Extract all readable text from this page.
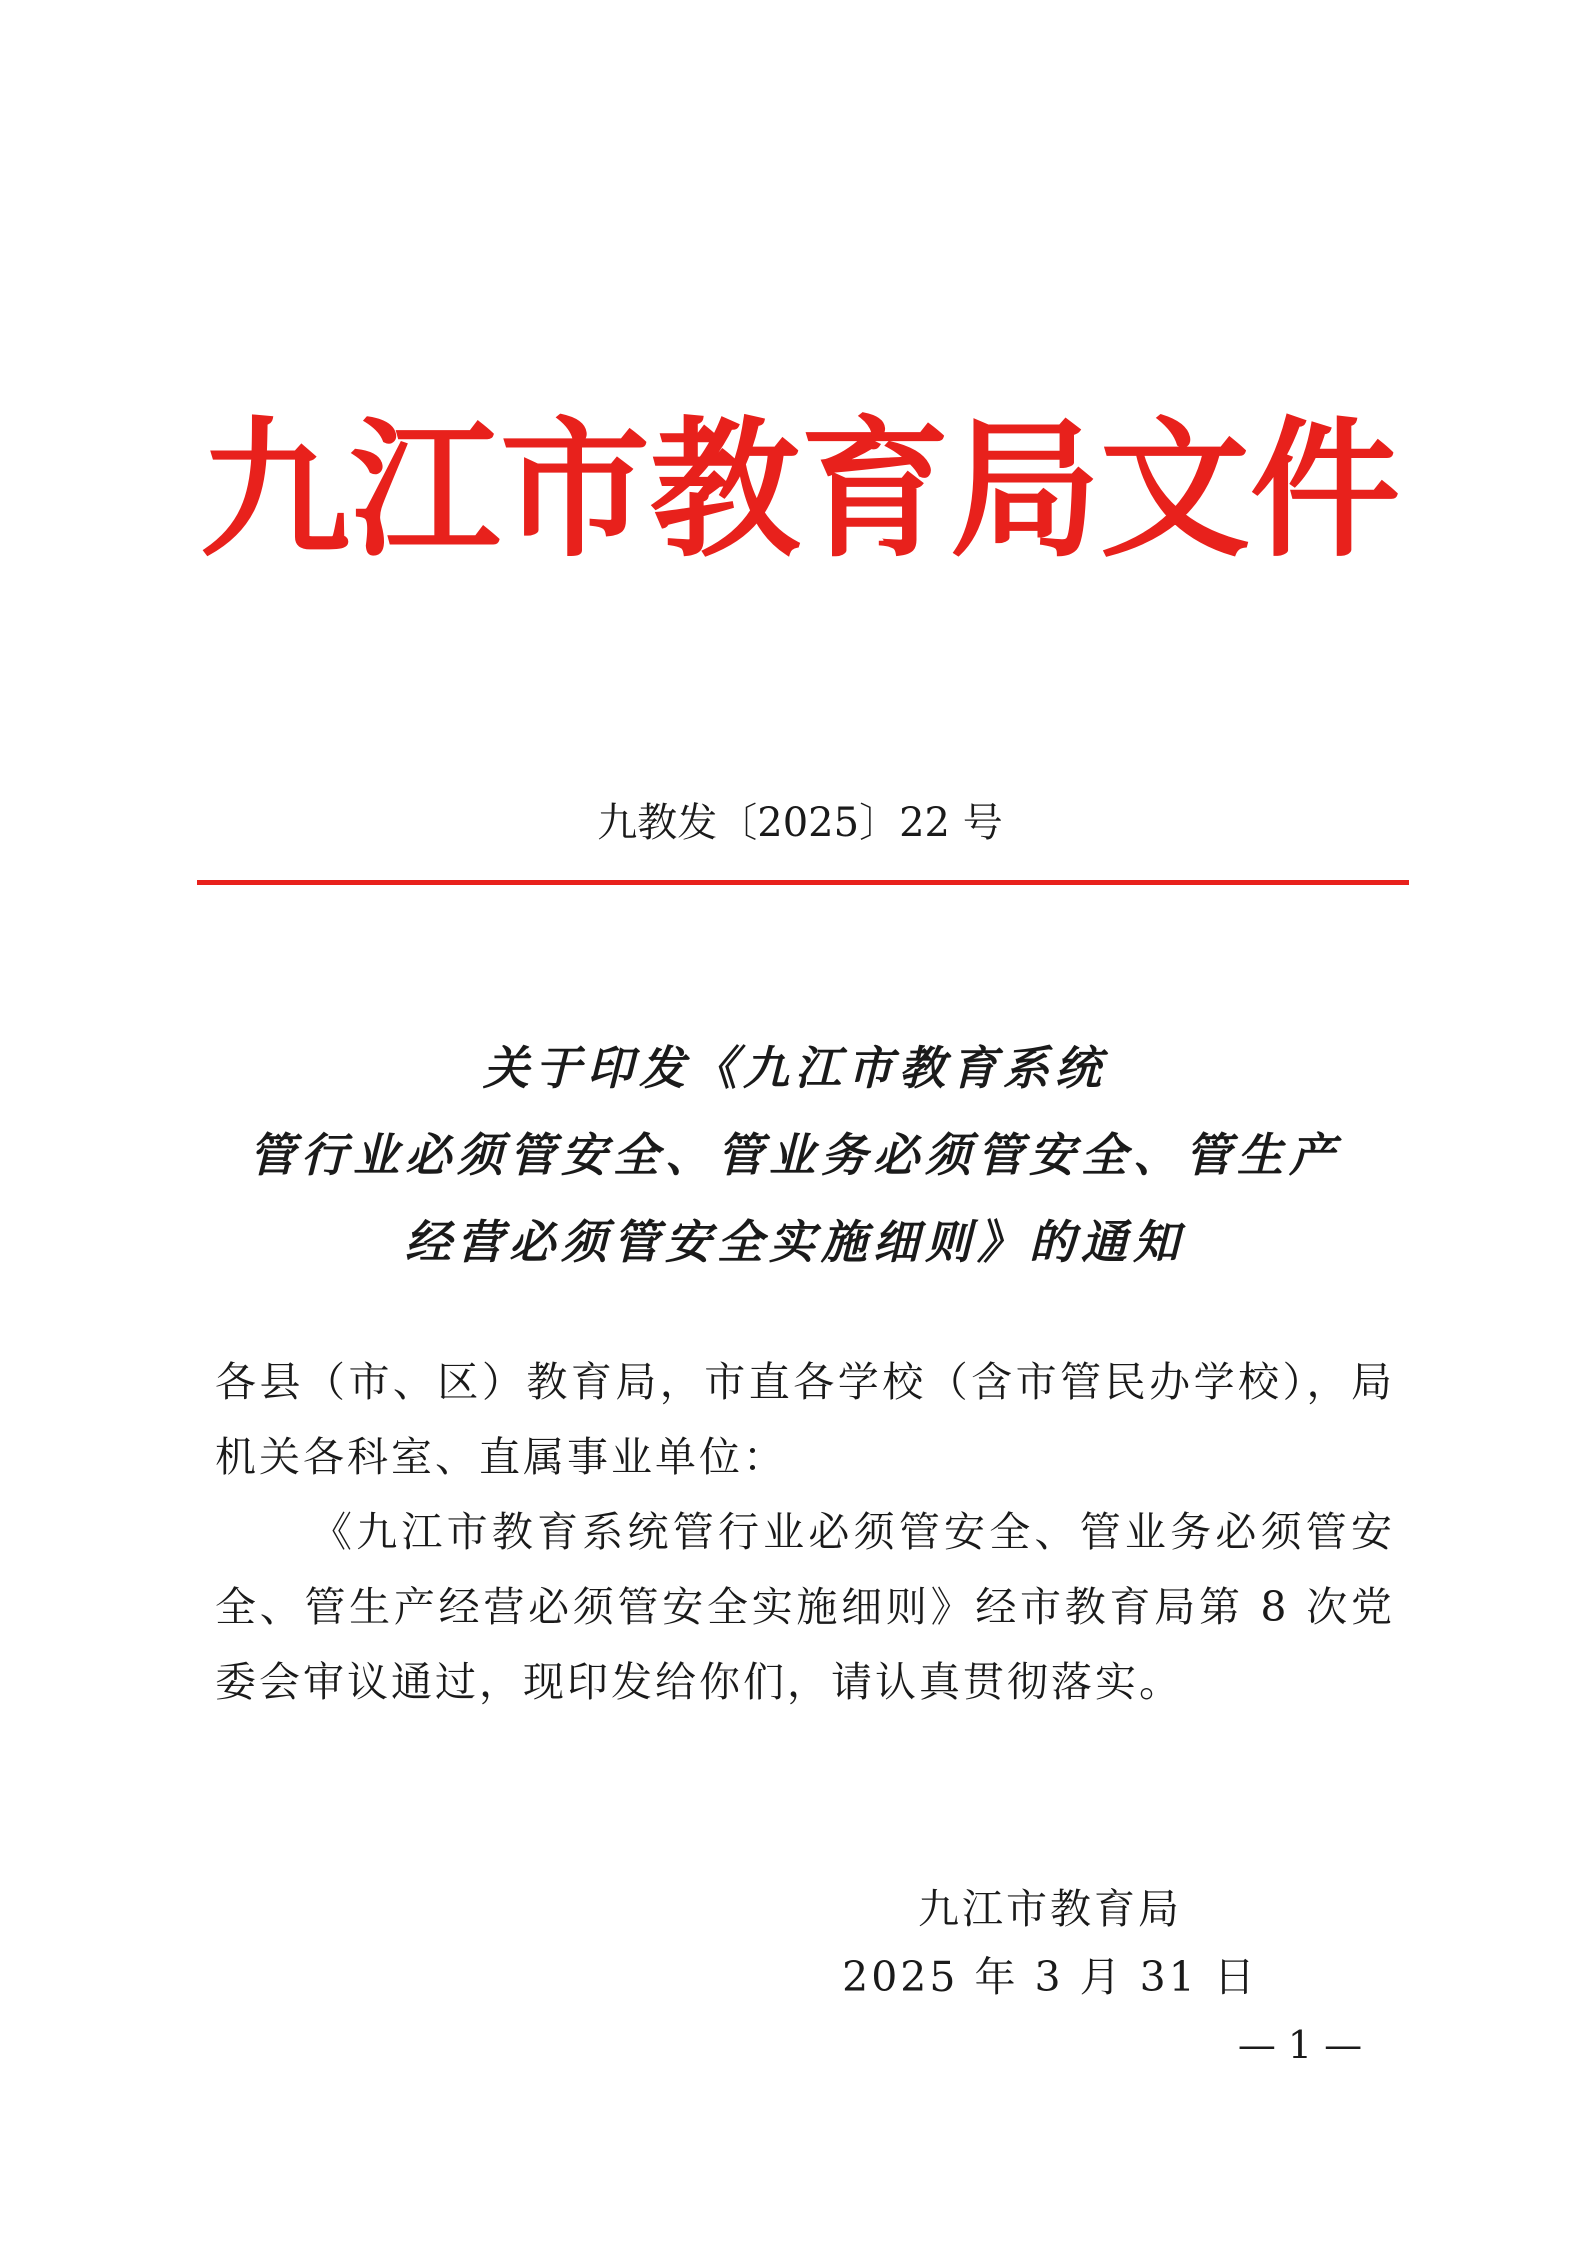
九江市教育局文件
九教发〔2025〕22 号
关于印发《九江市教育系统
管行业必须管安全、管业务必须管安全、管生产
经营必须管安全实施细则》的通知

各县（市、区）教育局，市直各学校（含市管民办学校），局机关各科室、直属事业单位：

《九江市教育系统管行业必须管安全、管业务必须管安全、管生产经营必须管安全实施细则》经市教育局第 8 次党委会审议通过，现印发给你们，请认真贯彻落实。

九江市教育局
2025 年 3 月 31 日
— 1 —
